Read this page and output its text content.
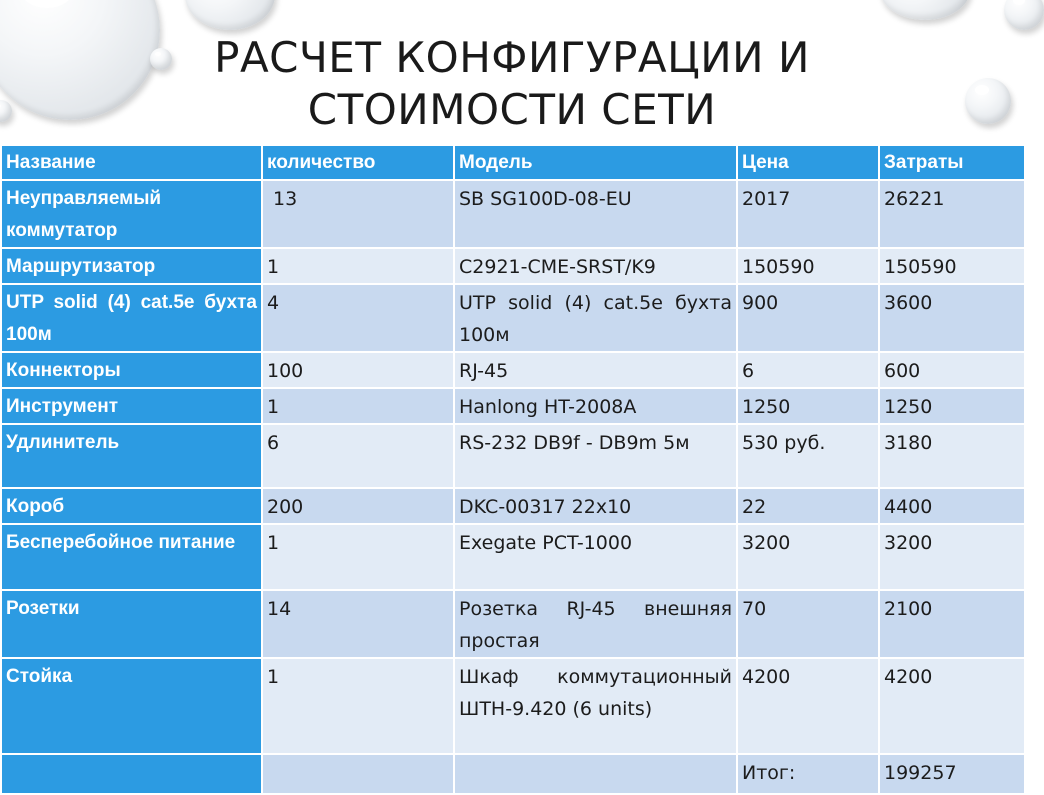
РАСЧЕТ КОНФИГУРАЦИИ И
СТОИМОСТИ СЕТИ
Название	количество	Модель	Цена	Затраты
Неуправляемый коммутатор	13	SB SG100D-08-EU	2017	26221
Маршрутизатор	1	C2921-CME-SRST/K9	150590	150590
UTP solid (4) cat.5e бухта 100м	4	UTP solid (4) cat.5e бухта 100м	900	3600
Коннекторы	100	RJ-45	6	600
Инструмент	1	Hanlong HT-2008A	1250	1250
Удлинитель	6	RS-232 DB9f - DB9m 5м	530 руб.	3180
Короб	200	DKC-00317 22x10	22	4400
Бесперебойное питание	1	Exegate PCT-1000	3200	3200
Розетки	14	Розетка RJ-45 внешняя простая	70	2100
Стойка	1	Шкаф коммутационный ШТН-9.420 (6 units)	4200	4200
			Итог:	199257
